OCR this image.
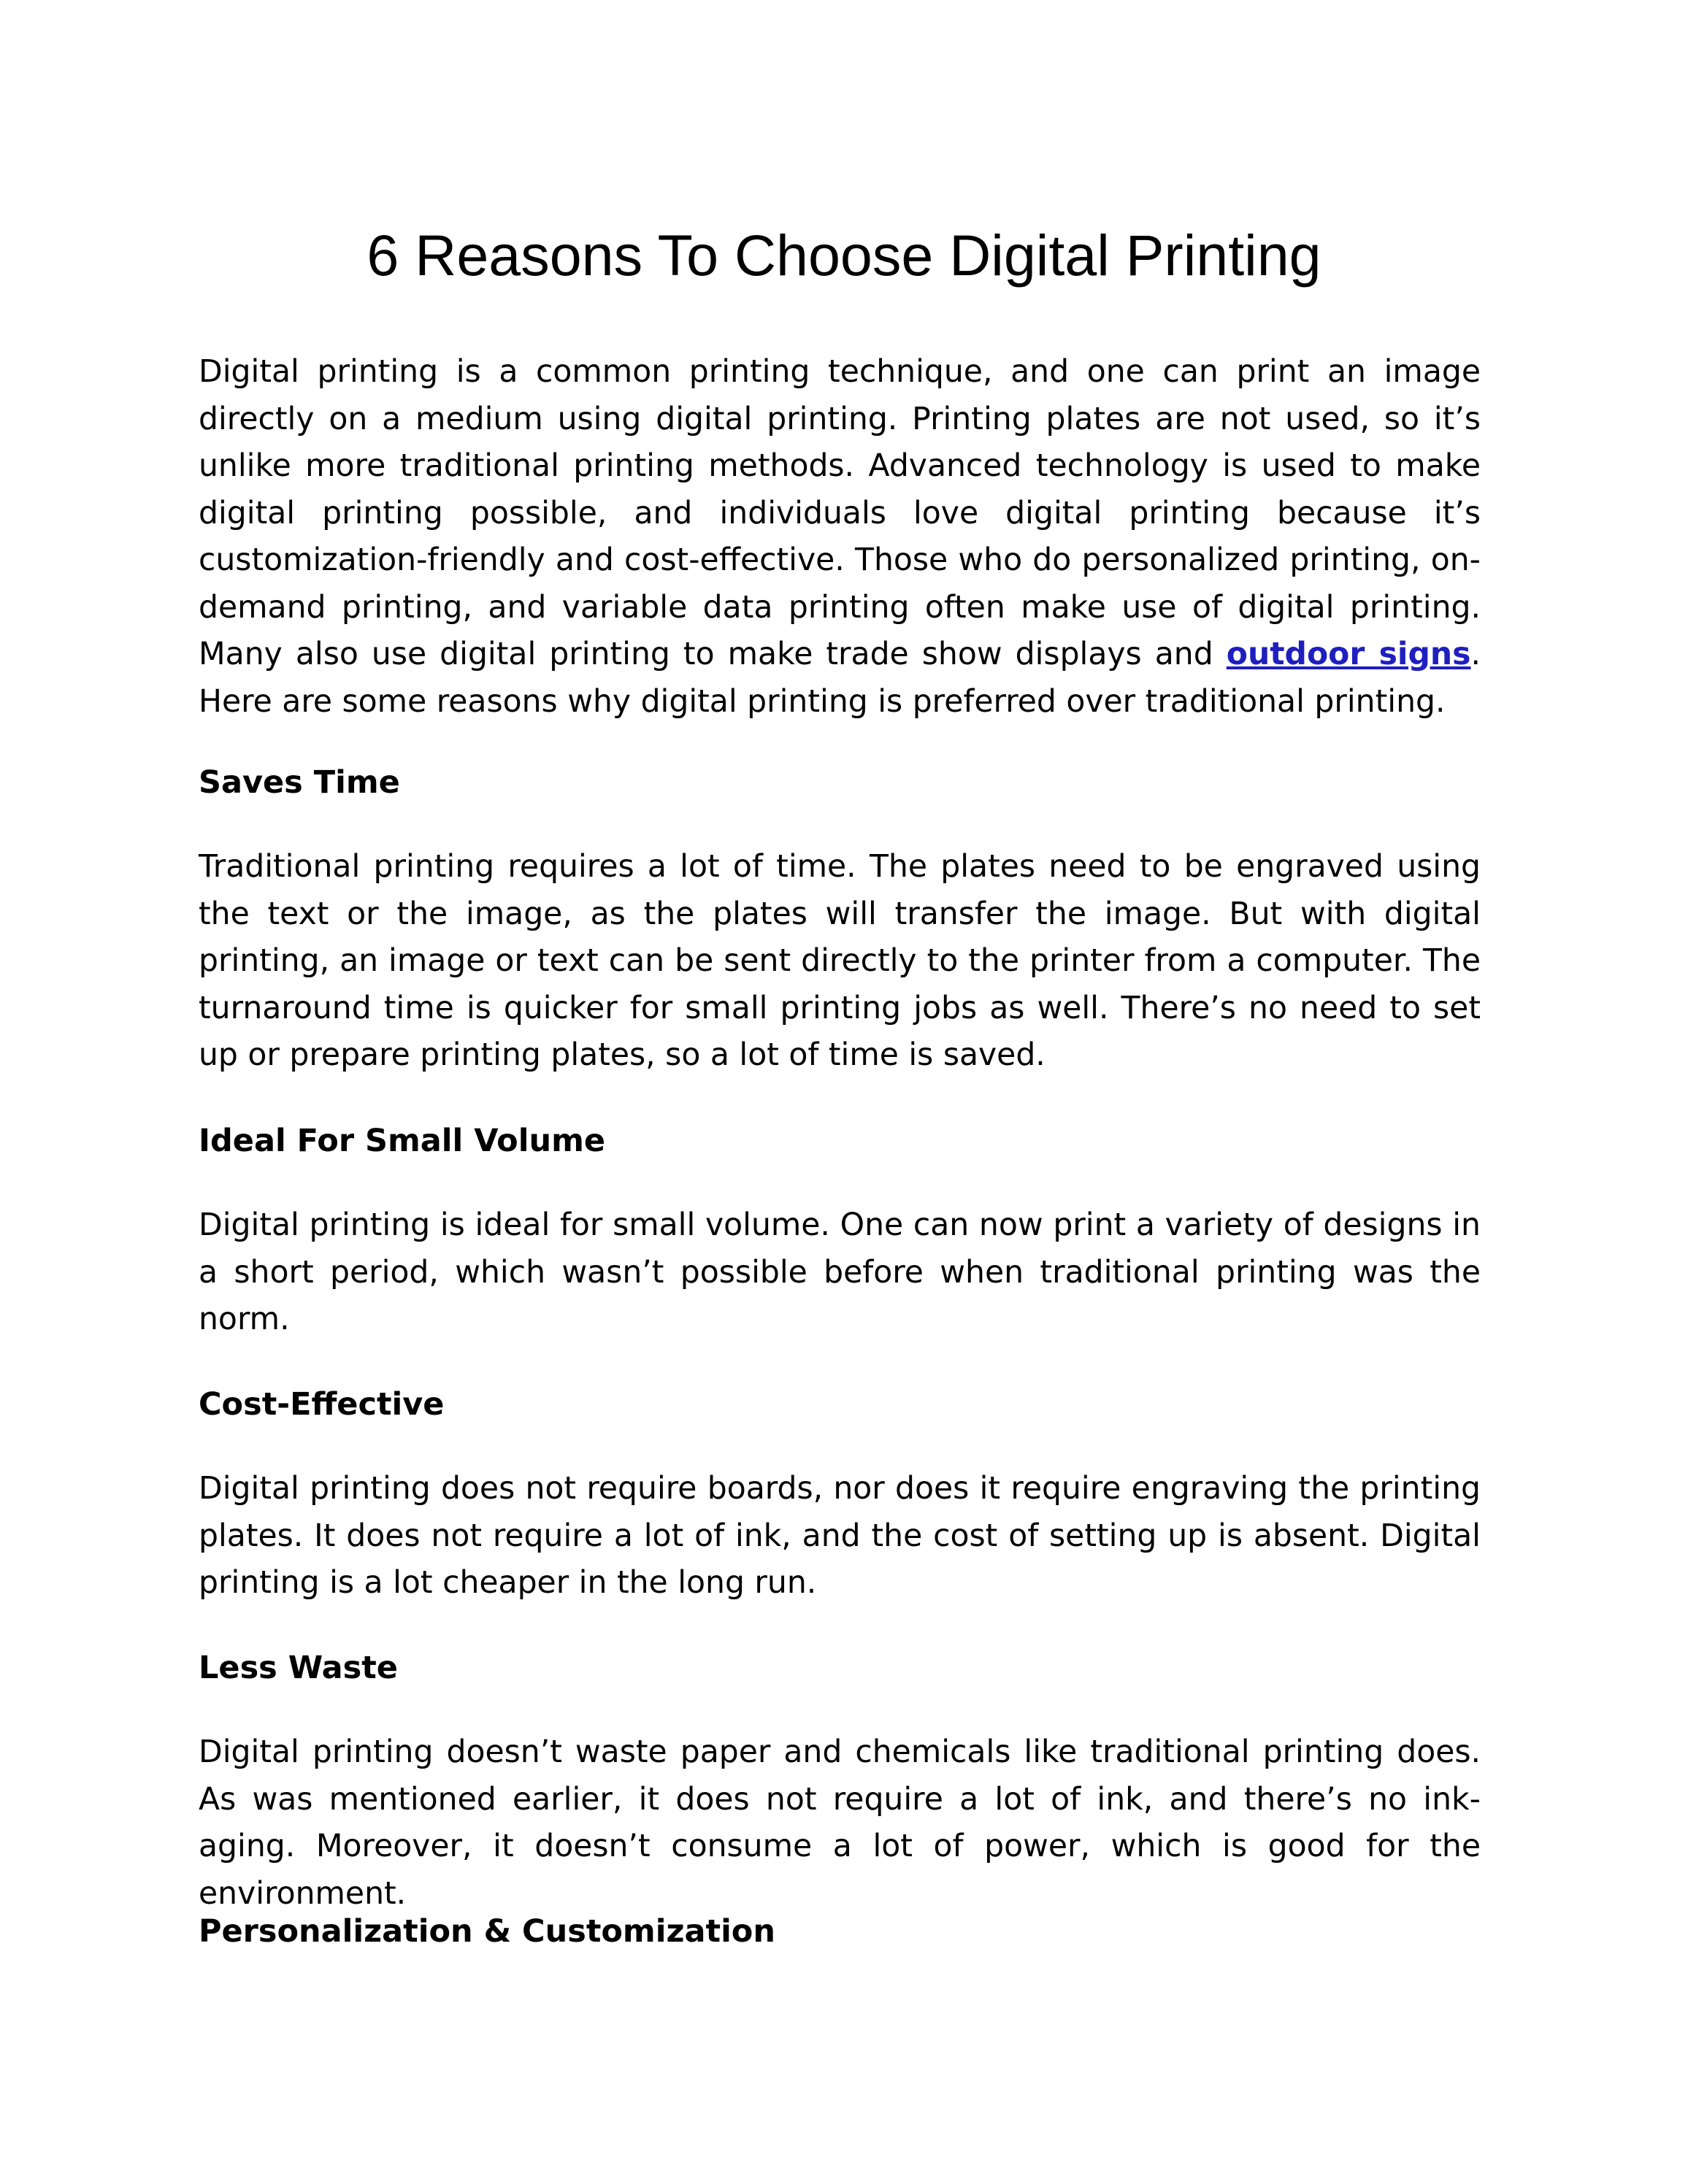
6 Reasons To Choose Digital Printing

Digital printing is a common printing technique, and one can print an image directly on a medium using digital printing. Printing plates are not used, so it’s unlike more traditional printing methods. Advanced technology is used to make digital printing possible, and individuals love digital printing because it’s customization-friendly and cost-effective. Those who do personalized printing, on-demand printing, and variable data printing often make use of digital printing. Many also use digital printing to make trade show displays and outdoor signs. Here are some reasons why digital printing is preferred over traditional printing.

Saves Time

Traditional printing requires a lot of time. The plates need to be engraved using the text or the image, as the plates will transfer the image. But with digital printing, an image or text can be sent directly to the printer from a computer. The turnaround time is quicker for small printing jobs as well. There’s no need to set up or prepare printing plates, so a lot of time is saved.

Ideal For Small Volume

Digital printing is ideal for small volume. One can now print a variety of designs in a short period, which wasn’t possible before when traditional printing was the norm.

Cost-Effective

Digital printing does not require boards, nor does it require engraving the printing plates. It does not require a lot of ink, and the cost of setting up is absent. Digital printing is a lot cheaper in the long run.

Less Waste

Digital printing doesn’t waste paper and chemicals like traditional printing does. As was mentioned earlier, it does not require a lot of ink, and there’s no ink-aging. Moreover, it doesn’t consume a lot of power, which is good for the environment.

Personalization & Customization
